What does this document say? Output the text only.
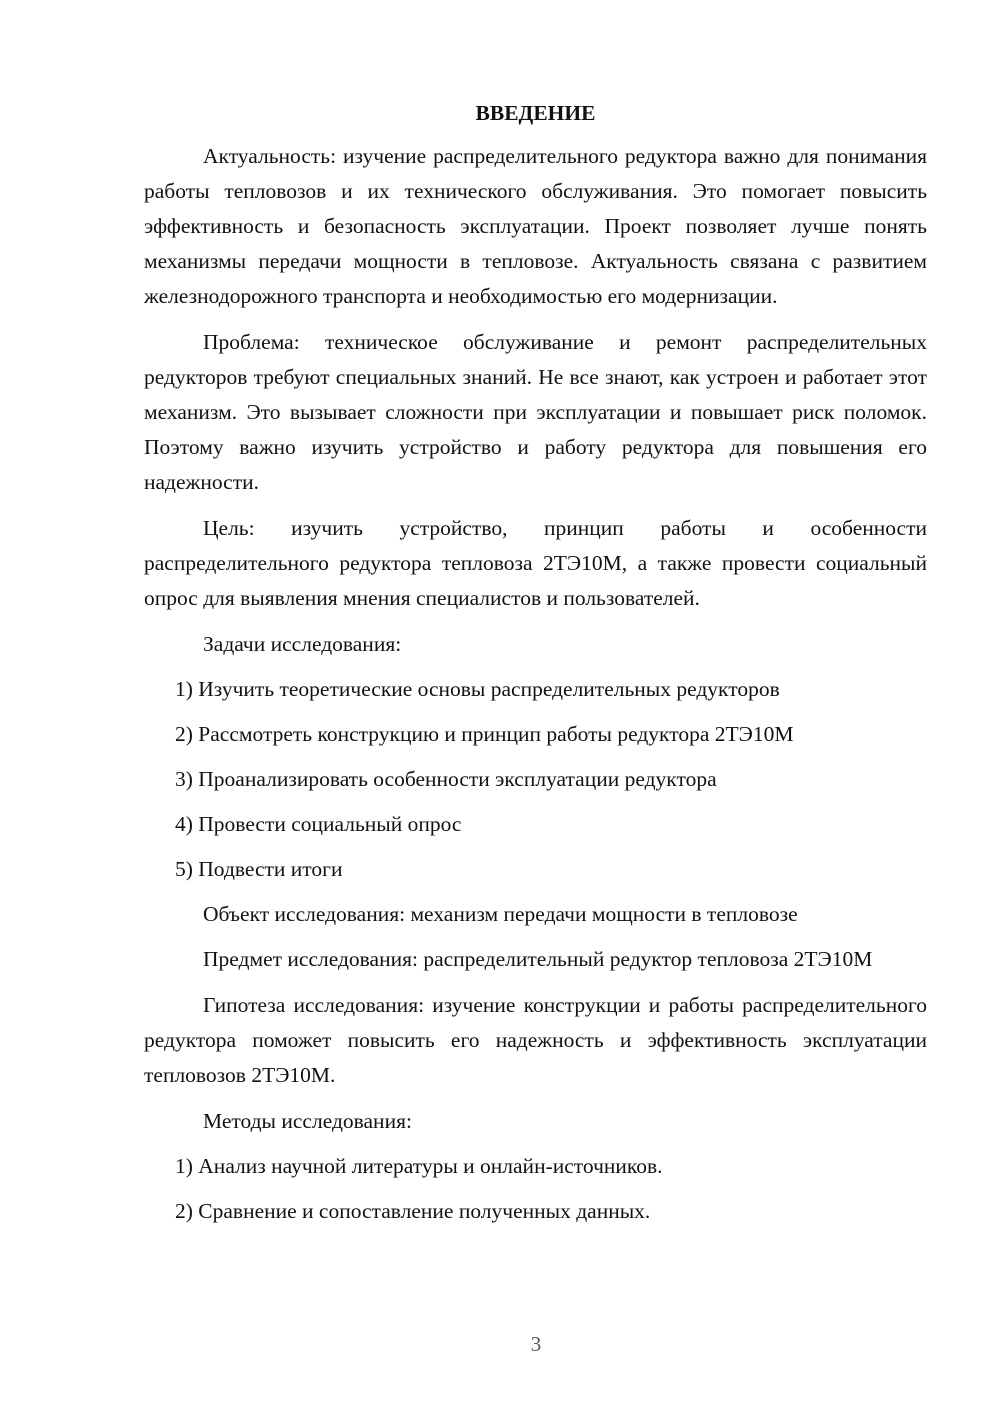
ВВЕДЕНИЕ

Актуальность: изучение распределительного редуктора важно для понимания работы тепловозов и их технического обслуживания. Это помогает повысить эффективность и безопасность эксплуатации. Проект позволяет лучше понять механизмы передачи мощности в тепловозе. Актуальность связана с развитием железнодорожного транспорта и необходимостью его модернизации.

Проблема: техническое обслуживание и ремонт распределительных редукторов требуют специальных знаний. Не все знают, как устроен и работает этот механизм. Это вызывает сложности при эксплуатации и повышает риск поломок. Поэтому важно изучить устройство и работу редуктора для повышения его надежности.

Цель: изучить устройство, принцип работы и особенности распределительного редуктора тепловоза 2ТЭ10М, а также провести социальный опрос для выявления мнения специалистов и пользователей.

Задачи исследования:
1) Изучить теоретические основы распределительных редукторов
2) Рассмотреть конструкцию и принцип работы редуктора 2ТЭ10М
3) Проанализировать особенности эксплуатации редуктора
4) Провести социальный опрос
5) Подвести итоги
Объект исследования: механизм передачи мощности в тепловозе

Предмет исследования: распределительный редуктор тепловоза 2ТЭ10М

Гипотеза исследования: изучение конструкции и работы распределительного редуктора поможет повысить его надежность и эффективность эксплуатации тепловозов 2ТЭ10М.

Методы исследования:
1) Анализ научной литературы и онлайн-источников.
2) Сравнение и сопоставление полученных данных.
3
